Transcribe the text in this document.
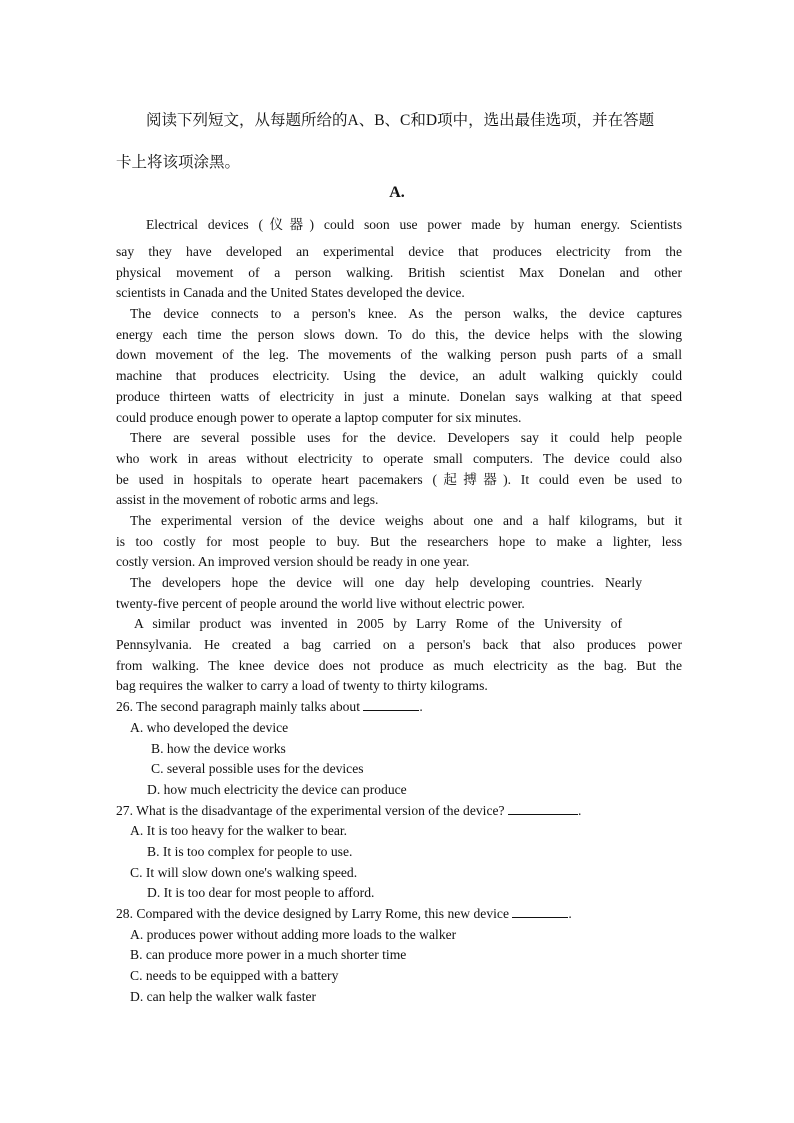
阅读下列短文，从每题所给的A、B、C和D项中，选出最佳选项，并在答题
卡上将该项涂黑。
A.
Electrical devices (仪器) could soon use power made by human energy. Scientists
say they have developed an experimental device that produces electricity from the
physical movement of a person walking. British scientist Max Donelan and other
scientists in Canada and the United States developed the device.
The device connects to a person's knee. As the person walks, the device captures
energy each time the person slows down. To do this, the device helps with the slowing
down movement of the leg. The movements of the walking person push parts of a small
machine that produces electricity. Using the device, an adult walking quickly could
produce thirteen watts of electricity in just a minute. Donelan says walking at that speed
could produce enough power to operate a laptop computer for six minutes.
There are several possible uses for the device. Developers say it could help people
who work in areas without electricity to operate small computers. The device could also
be used in hospitals to operate heart pacemakers (起搏器). It could even be used to
assist in the movement of robotic arms and legs.
The experimental version of the device weighs about one and a half kilograms, but it
is too costly for most people to buy. But the researchers hope to make a lighter, less
costly version. An improved version should be ready in one year.
The developers hope the device will one day help developing countries. Nearly
twenty-five percent of people around the world live without electric power.
A similar product was invented in 2005 by Larry Rome of the University of
Pennsylvania. He created a bag carried on a person's back that also produces power
from walking. The knee device does not produce as much electricity as the bag. But the
bag requires the walker to carry a load of twenty to thirty kilograms.
26. The second paragraph mainly talks about	.
A. who developed the device
B. how the device works
C. several possible uses for the devices
D. how much electricity the device can produce
27. What is the disadvantage of the experimental version of the device?	.
A. It is too heavy for the walker to bear.
B. It is too complex for people to use.
C. It will slow down one's walking speed.
D. It is too dear for most people to afford.
28. Compared with the device designed by Larry Rome, this new device	.
A. produces power without adding more loads to the walker
B. can produce more power in a much shorter time
C. needs to be equipped with a battery
D. can help the walker walk faster
